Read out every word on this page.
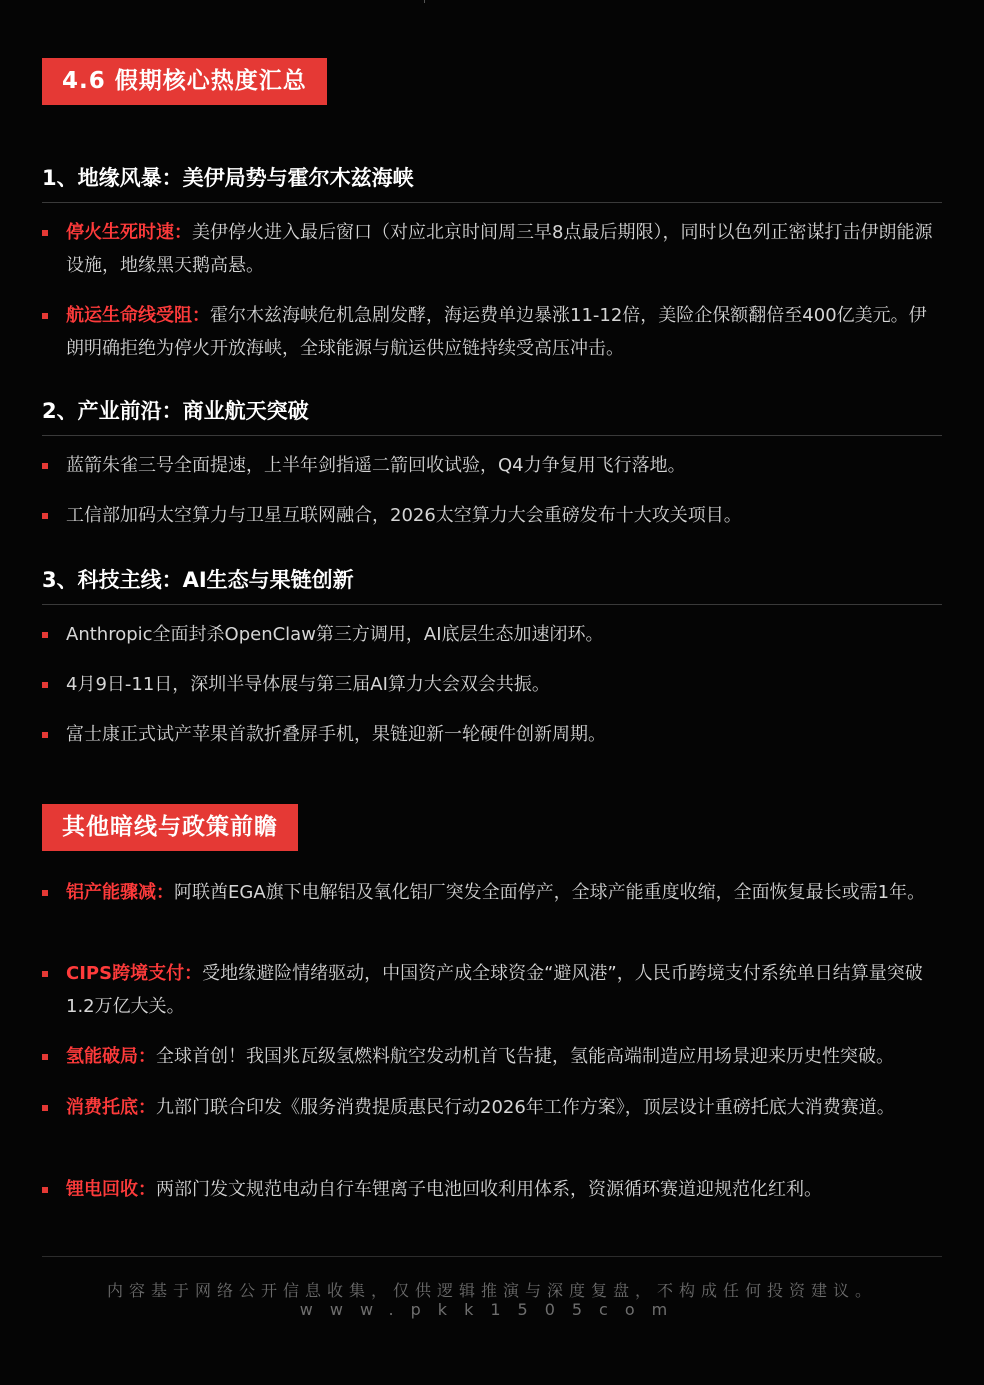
4.6 假期核心热度汇总
1、地缘风暴：美伊局势与霍尔木兹海峡
停火生死时速：美伊停火进入最后窗口（对应北京时间周三早8点最后期限），同时以色列正密谋打击伊朗能源设施，地缘黑天鹅高悬。
航运生命线受阻：霍尔木兹海峡危机急剧发酵，海运费单边暴涨11-12倍，美险企保额翻倍至400亿美元。伊朗明确拒绝为停火开放海峡，全球能源与航运供应链持续受高压冲击。
2、产业前沿：商业航天突破
蓝箭朱雀三号全面提速，上半年剑指遥二箭回收试验，Q4力争复用飞行落地。
工信部加码太空算力与卫星互联网融合，2026太空算力大会重磅发布十大攻关项目。
3、科技主线：AI生态与果链创新
Anthropic全面封杀OpenClaw第三方调用，AI底层生态加速闭环。
4月9日-11日，深圳半导体展与第三届AI算力大会双会共振。
富士康正式试产苹果首款折叠屏手机，果链迎新一轮硬件创新周期。
其他暗线与政策前瞻
铝产能骤减：阿联酋EGA旗下电解铝及氧化铝厂突发全面停产，全球产能重度收缩，全面恢复最长或需1年。
CIPS跨境支付：受地缘避险情绪驱动，中国资产成全球资金“避风港”，人民币跨境支付系统单日结算量突破1.2万亿大关。
氢能破局：全球首创！我国兆瓦级氢燃料航空发动机首飞告捷，氢能高端制造应用场景迎来历史性突破。
消费托底：九部门联合印发《服务消费提质惠民行动2026年工作方案》，顶层设计重磅托底大消费赛道。
锂电回收：两部门发文规范电动自行车锂离子电池回收利用体系，资源循环赛道迎规范化红利。
内容基于网络公开信息收集，仅供逻辑推演与深度复盘，不构成任何投资建议。
www.pkk1505com
